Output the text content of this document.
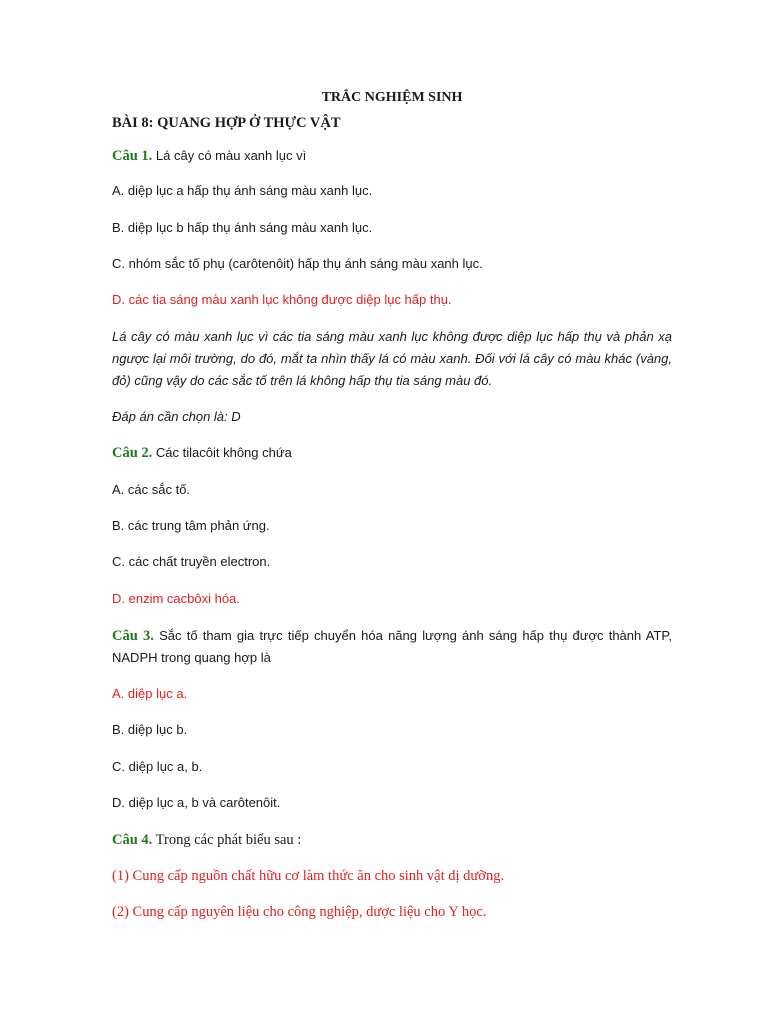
TRẮC NGHIỆM SINH
BÀI 8: QUANG HỢP Ở THỰC VẬT
Câu 1. Lá cây có màu xanh lục vì
A. diệp lục a hấp thụ ánh sáng màu xanh lục.
B. diệp lục b hấp thụ ánh sáng màu xanh lục.
C. nhóm sắc tố phụ (carôtenôit) hấp thụ ánh sáng màu xanh lục.
D. các tia sáng màu xanh lục không được diệp lục hấp thụ.
Lá cây có màu xanh lục vì các tia sáng màu xanh lục không được diệp lục hấp thụ và phản xạ ngược lại môi trường, do đó, mắt ta nhìn thấy lá có màu xanh. Đối với lá cây có màu khác (vàng, đỏ) cũng vậy do các sắc tố trên lá không hấp thụ tia sáng màu đó.
Đáp án cần chọn là: D
Câu 2. Các tilacôit không chứa
A. các sắc tố.
B. các trung tâm phản ứng.
C. các chất truyền electron.
D. enzim cacbôxi hóa.
Câu 3. Sắc tố tham gia trực tiếp chuyển hóa năng lượng ánh sáng hấp thụ được thành ATP, NADPH trong quang hợp là
A. diệp lục a.
B. diệp lục b.
C. diệp lục a, b.
D. diệp lục a, b và carôtenôit.
Câu 4. Trong các phát biểu sau :
(1) Cung cấp nguồn chất hữu cơ làm thức ăn cho sinh vật dị dưỡng.
(2) Cung cấp nguyên liệu cho công nghiệp, dược liệu cho Y học.
